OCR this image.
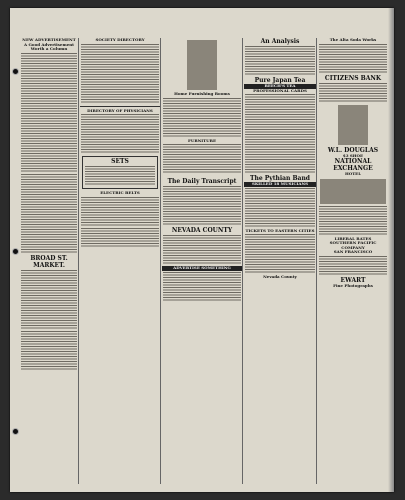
NEW ADVERTISEMENT
A Good Advertisement Worth a Column
BROAD ST. MARKET.
SOCIETY DIRECTORY
DIRECTORY OF PHYSICIANS
SETS
ELECTRIC BELTS
Home Furnishing Rooms
FURNITURE
The Daily Transcript
NEVADA COUNTY
ADVERTISE SOMETHING
An Analysis
Pure Japan Tea
BEECH'S TEA
PROFESSIONAL CARDS
The Pythian Band
SKILLED 18 MUSICIANS
TICKETS TO EASTERN CITIES
Nevada County
The Alta Soda Works
CITIZENS BANK
W.L. DOUGLAS
$3 SHOE
NATIONAL EXCHANGE
HOTEL
LIBERAL RATES
SOUTHERN PACIFIC COMPANY
SAN FRANCISCO
EWART
Fine Photographs
